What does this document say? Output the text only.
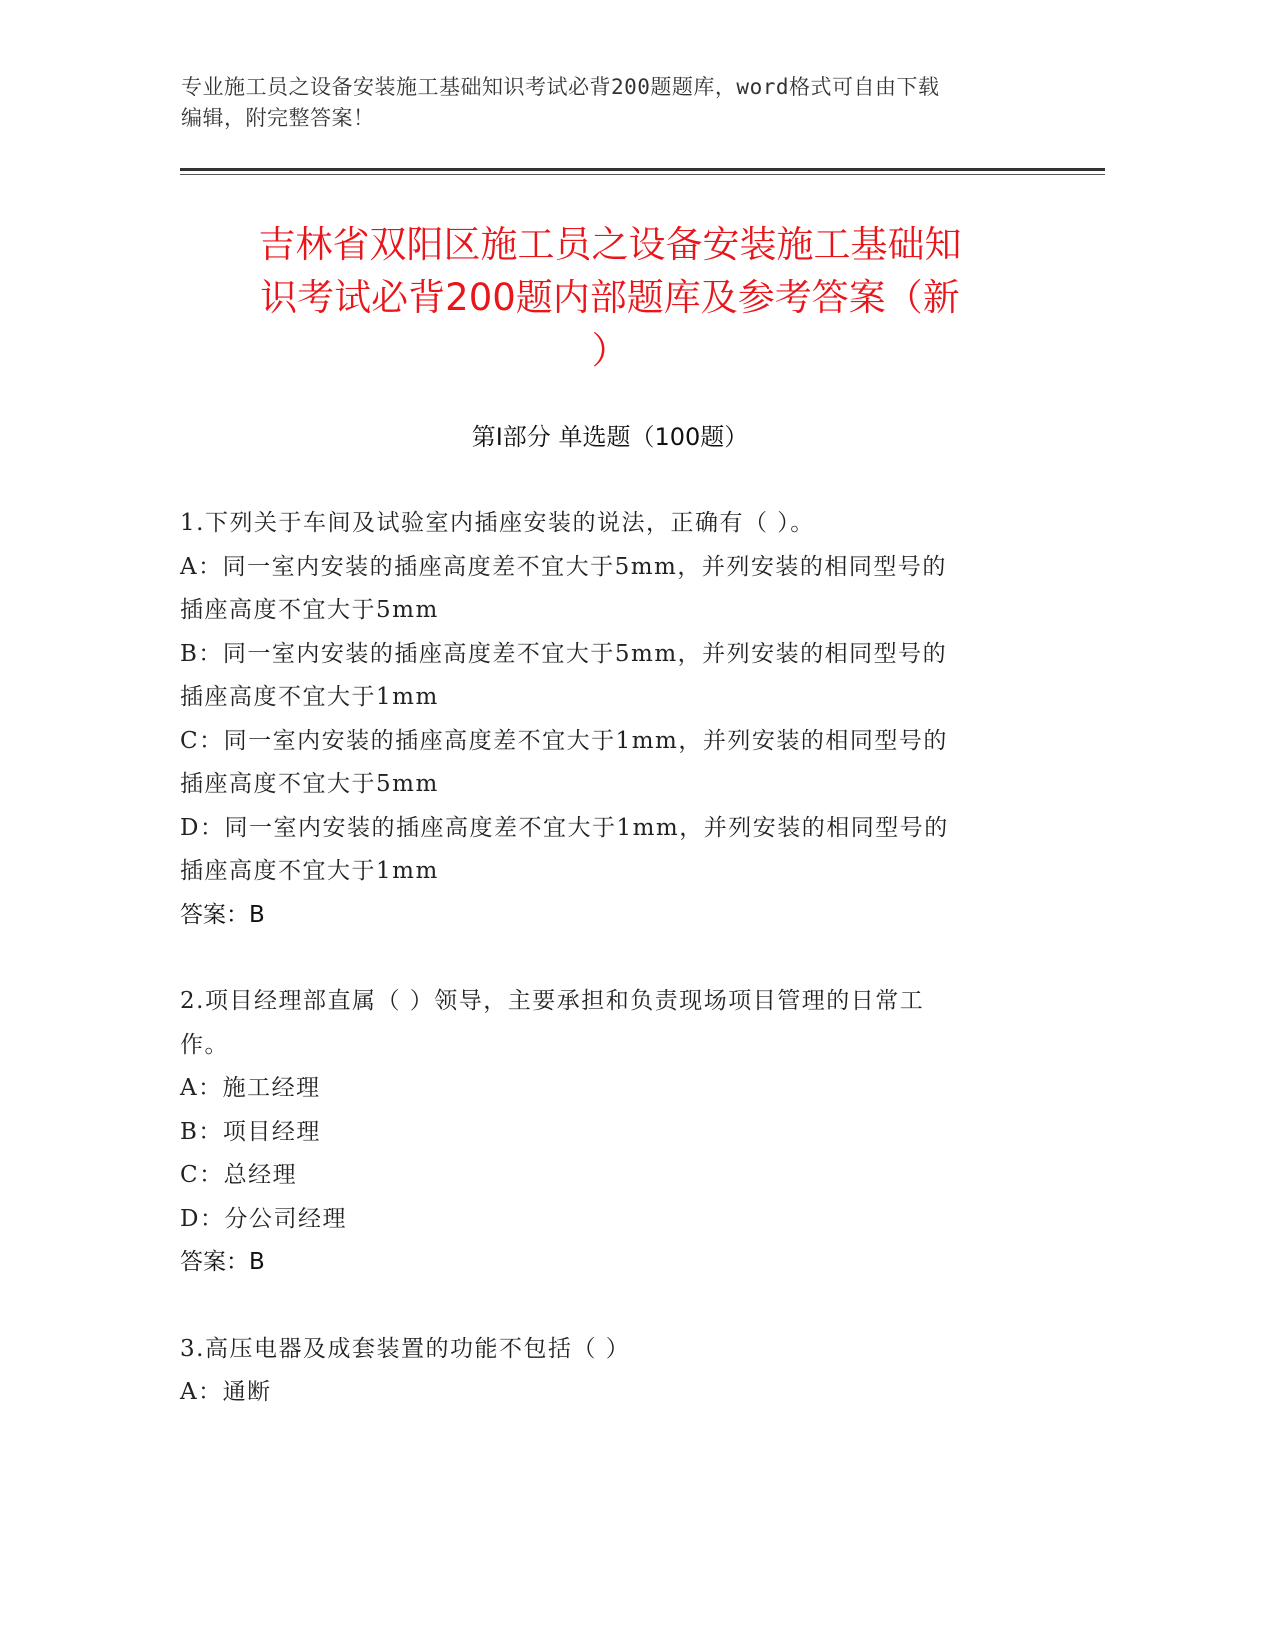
专业施工员之设备安装施工基础知识考试必背200题题库，word格式可自由下载
编辑，附完整答案！
吉林省双阳区施工员之设备安装施工基础知
识考试必背200题内部题库及参考答案（新
）
第Ⅰ部分 单选题（100题）

1.下列关于车间及试验室内插座安装的说法，正确有（ ）。

A：同一室内安装的插座高度差不宜大于5mm，并列安装的相同型号的

插座高度不宜大于5mm

B：同一室内安装的插座高度差不宜大于5mm，并列安装的相同型号的

插座高度不宜大于1mm

C：同一室内安装的插座高度差不宜大于1mm，并列安装的相同型号的

插座高度不宜大于5mm

D：同一室内安装的插座高度差不宜大于1mm，并列安装的相同型号的

插座高度不宜大于1mm

答案：B

2.项目经理部直属（ ）领导，主要承担和负责现场项目管理的日常工

作。

A：施工经理

B：项目经理

C：总经理

D：分公司经理

答案：B

3.高压电器及成套装置的功能不包括（ ）

A：通断
